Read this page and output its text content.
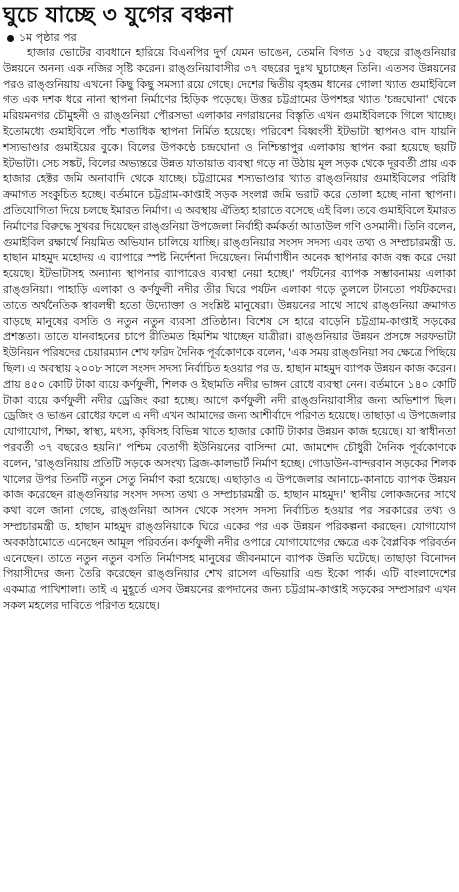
ঘুচে যাচ্ছে ৩ যুগের বঞ্চনা
১ম পৃষ্ঠার পর

হাজার ভোটের ব্যবধানে হারিয়ে বিএনপির দুর্গ যেমন ভাঙেন, তেমনি বিগত ১৫ বছরে রাঙ্গুনিয়ার উন্নয়নে অনন্য এক নজির সৃষ্টি করেন। রাঙ্গুনিয়াবাসীর ৩৭ বছরের দুঃখ ঘুচাচ্ছেন তিনি। এতসব উন্নয়নের পরও রাঙ্গুনিয়ায় এখনো কিছু কিছু সমস্যা রয়ে গেছে। দেশের দ্বিতীয় বৃহত্তম ধানের গোলা খ্যাত গুমাইবিলে গত এক দশক ধরে নানা স্থাপনা নির্মাণের হিড়িক পড়েছে। উত্তর চট্টগ্রামের উপশহর খ্যাত 'চন্দ্রঘোনা' থেকে মরিয়মনগর চৌমুহনী ও রাঙ্গুনিয়া পৌরসভা এলাকার নগরায়নের বিস্তৃতি এখন গুমাইবিলকে গিলে খাচ্ছে। ইতোমধ্যে গুমাইবিলে পাঁচ শতাধিক স্থাপনা নির্মিত হয়েছে। পরিবেশ বিধ্বংসী ইটভাটা স্থাপনও বাদ যায়নি শস্যভাণ্ডার গুমাইয়ের বুকে। বিলের উপকণ্ঠে চন্দ্রঘোনা ও নিশ্চিন্তাপুর এলাকায় স্থাপন করা হয়েছে ছয়টি ইটভাটা। সেচ সঙ্কট, বিলের অভ্যন্তরে উন্নত যাতায়াত ব্যবস্থা গড়ে না উঠায় মূল সড়ক থেকে দূরবর্তী প্রায় এক হাজার হেক্টর জমি অনাবাদি থেকে যাচ্ছে। চট্টগ্রামের শস্যভাণ্ডার খ্যাত রাঙ্গুনিয়ার গুমাইবিলের পরিধি ক্রমাগত সংকুচিত হচ্ছে। বর্তমানে চট্টগ্রাম-কাপ্তাই সড়ক সংলগ্ন জমি ভরাট করে তোলা হচ্ছে নানা স্থাপনা। প্রতিযোগিতা দিয়ে চলছে ইমারত নির্মাণ। এ অবস্থায় ঐতিহ্য হারাতে বসেছে এই বিল। তবে গুমাইবিলে ইমারত নির্মাণের বিরুদ্ধে সুখবর দিয়েছেন রাঙ্গুনিয়া উপজেলা নির্বাহী কর্মকর্তা আতাউল গণি ওসমানী। তিনি বলেন, গুমাইবিল রক্ষার্থে নিয়মিত অভিযান চালিয়ে যাচ্ছি। রাঙ্গুনিয়ার সংসদ সদস্য এবং তথ্য ও সম্প্রচারমন্ত্রী ড. হাছান মাহমুদ মহোদয় এ ব্যাপারে স্পষ্ট নির্দেশনা দিয়েছেন। নির্মাণাধীন অনেক স্থাপনার কাজ বন্ধ করে দেয়া হয়েছে। ইটভাটাসহ অন্যান্য স্থাপনার ব্যাপারেও ব্যবস্থা নেয়া হচ্ছে।' পর্যটনের ব্যাপক সম্ভাবনাময় এলাকা রাঙ্গুনিয়া। পাহাড়ি এলাকা ও কর্ণফুলী নদীর তীর ঘিরে পর্যটন এলাকা গড়ে তুললে টানতো পর্যটকদের। তাতে অর্থনৈতিক স্বাবলম্বী হতো উদ্যোক্তা ও সংশ্লিষ্ট মানুষেরা। উন্নয়নের সাথে সাথে রাঙ্গুনিয়া ক্রমাগত বাড়ছে মানুষের বসতি ও নতুন নতুন ব্যবসা প্রতিষ্ঠান। বিশেষ সে হারে বাড়েনি চট্টগ্রাম-কাপ্তাই সড়কের প্রশস্ততা। তাতে যানবাহনের চাপে রীতিমত হিমশিম খাচ্ছেন যাত্রীরা। রাঙ্গুনিয়ার উন্নয়ন প্রসঙ্গে সরফভাটা ইউনিয়ন পরিষদের চেয়ারম্যান শেখ ফরিদ দৈনিক পূর্বকোণকে বলেন, 'এক সময় রাঙ্গুনিয়া সব ক্ষেত্রে পিছিয়ে ছিল। এ অবস্থায় ২০০৮ সালে সংসদ সদস্য নির্বাচিত হওয়ার পর ড. হাছান মাহমুদ ব্যাপক উন্নয়ন কাজ করেন। প্রায় ৪৫০ কোটি টাকা ব্যয়ে কর্ণফুলী, শিলক ও ইছামতি নদীর ভাঙ্গন রোধে ব্যবস্থা নেন। বর্তমানে ১৪০ কোটি টাকা ব্যয়ে কর্ণফুলী নদীর ড্রেজিং করা হচ্ছে। আগে কর্ণফুলী নদী রাঙ্গুনিয়াবাসীর জন্য অভিশাপ ছিল। ড্রেজিং ও ভাঙন রোধের ফলে এ নদী এখন আমাদের জন্য আশীর্বাদে পরিণত হয়েছে। তাছাড়া এ উপজেলার যোগাযোগ, শিক্ষা, স্বাস্থ্য, মৎস্য, কৃষিসহ বিভিন্ন খাতে হাজার কোটি টাকার উন্নয়ন কাজ হয়েছে। যা স্বাধীনতা পরবর্তী ৩৭ বছরেও হয়নি।' পশ্চিম বেতাগী ইউনিয়নের বাসিন্দা মো. জামশেদ চৌধুরী দৈনিক পূর্বকোণকে বলেন, 'রাঙ্গুনিয়ায় প্রতিটি সড়কে অসংখ্য ব্রিজ-কালভার্ট নির্মাণ হচ্ছে। গোডাউন-বান্দরবান সড়কের শিলক খালের উপর তিনটি নতুন সেতু নির্মাণ করা হয়েছে। এছাড়াও এ উপজেলার আনাচে-কানাচে ব্যাপক উন্নয়ন কাজ করেছেন রাঙ্গুনিয়ার সংসদ সদস্য তথ্য ও সম্প্রচারমন্ত্রী ড. হাছান মাহমুদ।' স্থানীয় লোকজনের সাথে কথা বলে জানা গেছে, রাঙ্গুনিয়া আসন থেকে সংসদ সদস্য নির্বাচিত হওয়ার পর সরকারের তথ্য ও সম্প্রচারমন্ত্রী ড. হাছান মাহমুদ রাঙ্গুনিয়াকে ঘিরে একের পর এক উন্নয়ন পরিকল্পনা করছেন। যোগাযোগ অবকাঠামোতে এনেছেন আমূল পরিবর্তন। কর্ণফুলী নদীর ওপারে যোগাযোগের ক্ষেত্রে এক বৈপ্লবিক পরিবর্তন এনেছেন। তাতে নতুন নতুন বসতি নির্মাণসহ মানুষের জীবনমানে ব্যাপক উন্নতি ঘটেছে। তাছাড়া বিনোদন পিয়াসীদের জন্য তৈরি করেছেন রাঙ্গুনিয়ার শেখ রাসেল এভিয়ারি এন্ড ইকো পার্ক। এটি বাংলাদেশের একমাত্র পাখিশালা। তাই এ মুহূর্তে এসব উন্নয়নের রূপদানের জন্য চট্টগ্রাম-কাপ্তাই সড়কের সম্প্রসারণ এখন সকল মহলের দাবিতে পরিণত হয়েছে।
